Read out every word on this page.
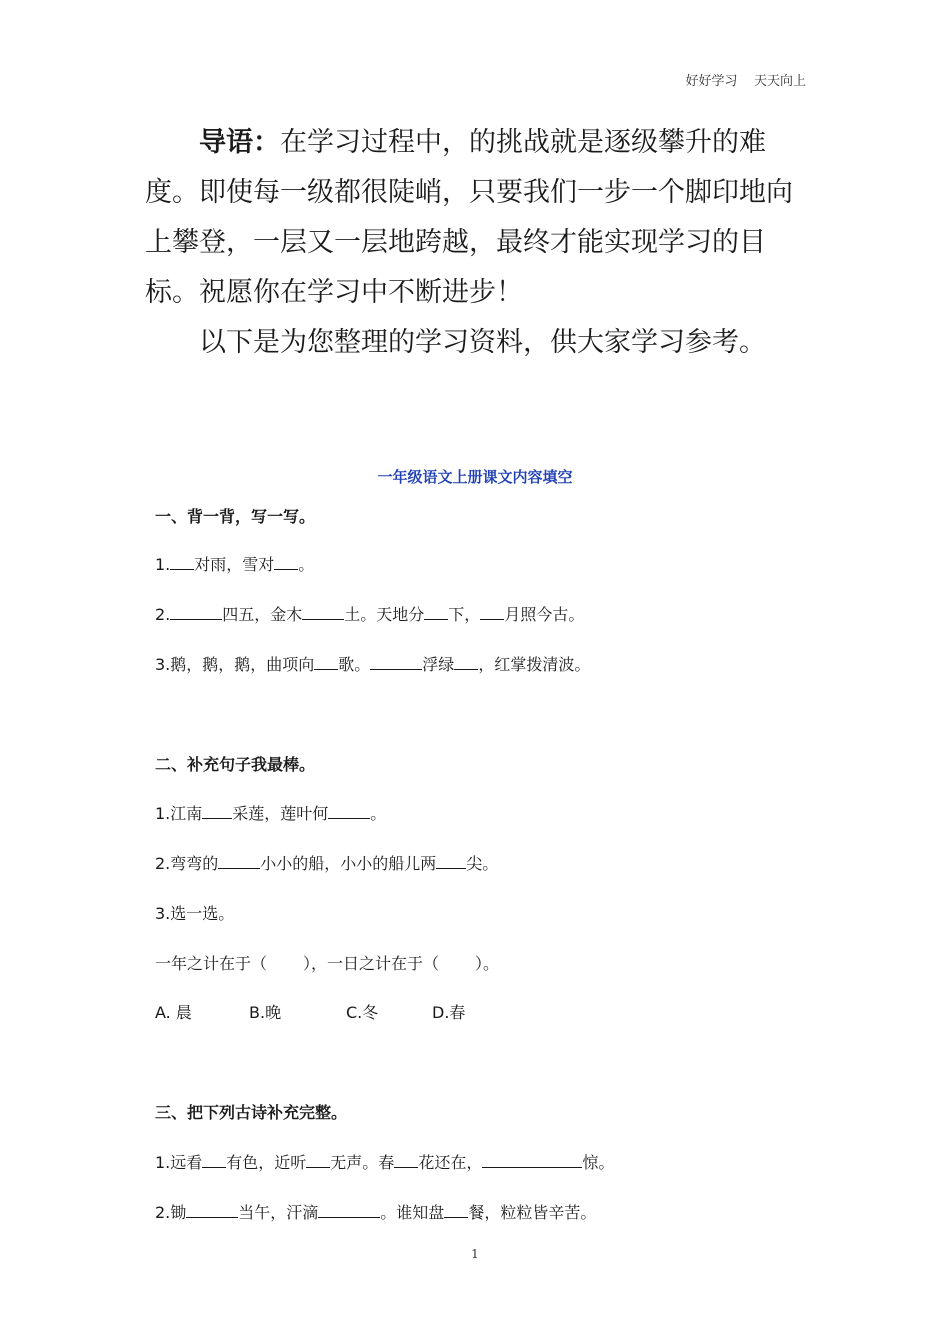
好好学习    天天向上

导语：在学习过程中，的挑战就是逐级攀升的难度。即使每一级都很陡峭，只要我们一步一个脚印地向上攀登，一层又一层地跨越，最终才能实现学习的目标。祝愿你在学习中不断进步！

以下是为您整理的学习资料，供大家学习参考。

一年级语文上册课文内容填空
一、背一背，写一写。
1. 对雨，雪对 。
2.	四五，金木	土。天地分 下， 月照今古。
3.鹅，鹅，鹅，曲项向 歌。	浮绿 ，红掌拨清波。
二、补充句子我最棒。
1.江南 采莲，莲叶何	。
2.弯弯的	小小的船，小小的船儿两 尖。
3.选一选。
一年之计在于（ ），一日之计在于（ ）。
A. 晨	B.晚	C.冬	D.春
三、把下列古诗补充完整。
1.远看 有色，近听 无声。春 花还在，	惊。
2.锄	当午，汗滴	。谁知盘 餐，粒粒皆辛苦。
1
